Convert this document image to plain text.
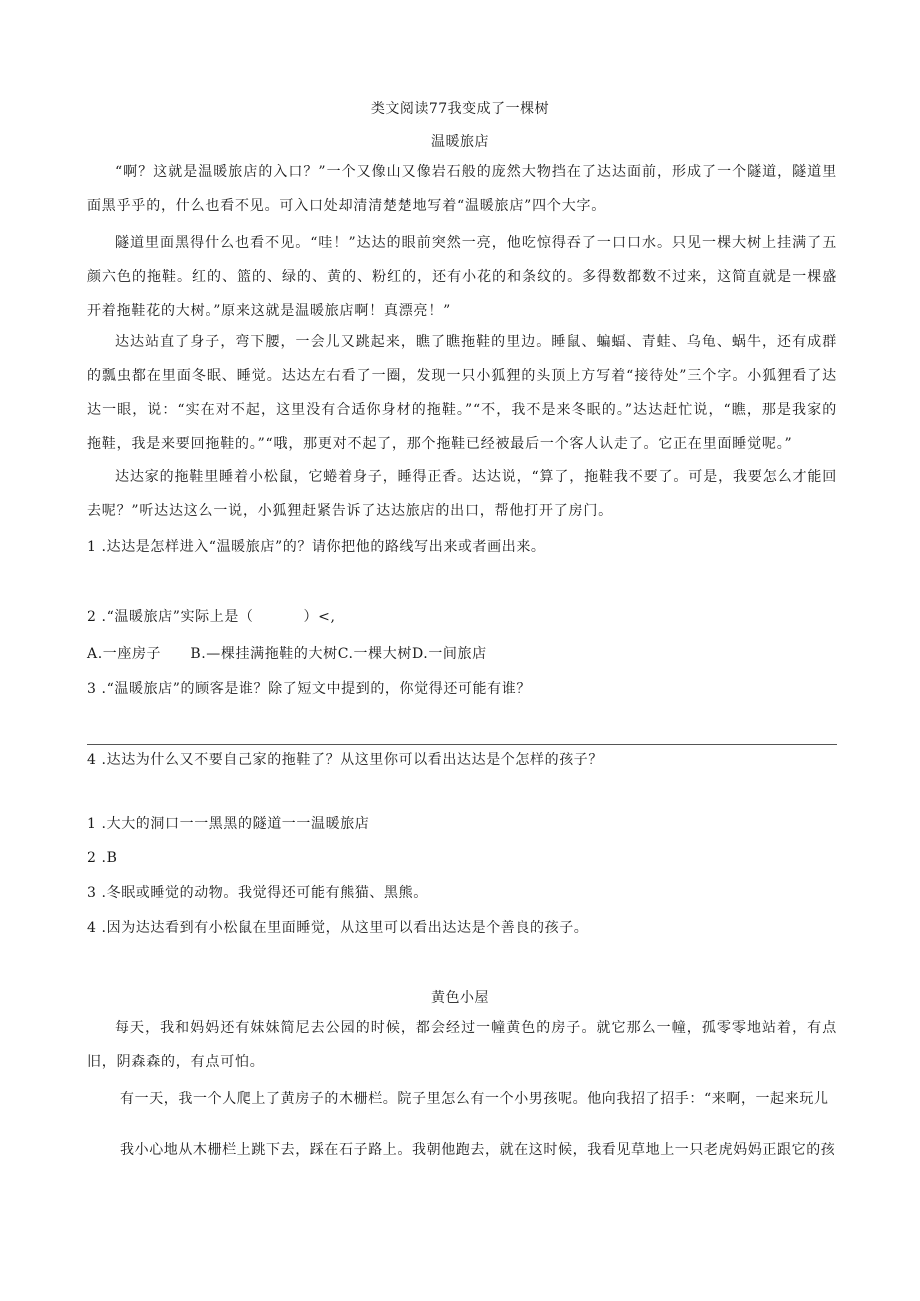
类文阅读77我变成了一棵树
温暖旅店
“啊？这就是温暖旅店的入口？”一个又像山又像岩石般的庞然大物挡在了达达面前，形成了一个隧道，隧道里面黑乎乎的，什么也看不见。可入口处却清清楚楚地写着“温暖旅店”四个大字。
隧道里面黑得什么也看不见。“哇！”达达的眼前突然一亮，他吃惊得吞了一口口水。只见一棵大树上挂满了五颜六色的拖鞋。红的、篮的、绿的、黄的、粉红的，还有小花的和条纹的。多得数都数不过来，这简直就是一棵盛开着拖鞋花的大树。”原来这就是温暖旅店啊！真漂亮！”
达达站直了身子，弯下腰，一会儿又跳起来，瞧了瞧拖鞋的里边。睡鼠、蝙蝠、青蛙、乌龟、蜗牛，还有成群的瓢虫都在里面冬眠、睡觉。达达左右看了一圈，发现一只小狐狸的头顶上方写着“接待处”三个字。小狐狸看了达达一眼，说：“实在对不起，这里没有合适你身材的拖鞋。”“不，我不是来冬眠的。”达达赶忙说，“瞧，那是我家的拖鞋，我是来要回拖鞋的。”“哦，那更对不起了，那个拖鞋已经被最后一个客人认走了。它正在里面睡觉呢。”
达达家的拖鞋里睡着小松鼠，它蜷着身子，睡得正香。达达说，“算了，拖鞋我不要了。可是，我要怎么才能回去呢？”听达达这么一说，小狐狸赶紧告诉了达达旅店的出口，帮他打开了房门。
1 .达达是怎样进入“温暖旅店”的？请你把他的路线写出来或者画出来。
2 .“温暖旅店”实际上是（	）<,
A.一座房子　　B.—棵挂满拖鞋的大树C.一棵大树D.一间旅店
3 .“温暖旅店”的顾客是谁？除了短文中提到的，你觉得还可能有谁？
4 .达达为什么又不要自己家的拖鞋了？从这里你可以看出达达是个怎样的孩子？
1 .大大的洞口一一黑黑的隧道一一温暖旅店
2 .B
3 .冬眠或睡觉的动物。我觉得还可能有熊猫、黑熊。
4 .因为达达看到有小松鼠在里面睡觉，从这里可以看出达达是个善良的孩子。
黄色小屋
每天，我和妈妈还有妹妹简尼去公园的时候，都会经过一幢黄色的房子。就它那么一幢，孤零零地站着，有点旧，阴森森的，有点可怕。
有一天，我一个人爬上了黄房子的木栅栏。院子里怎么有一个小男孩呢。他向我招了招手：“来啊，一起来玩儿
我小心地从木栅栏上跳下去，踩在石子路上。我朝他跑去，就在这时候，我看见草地上一只老虎妈妈正跟它的孩
